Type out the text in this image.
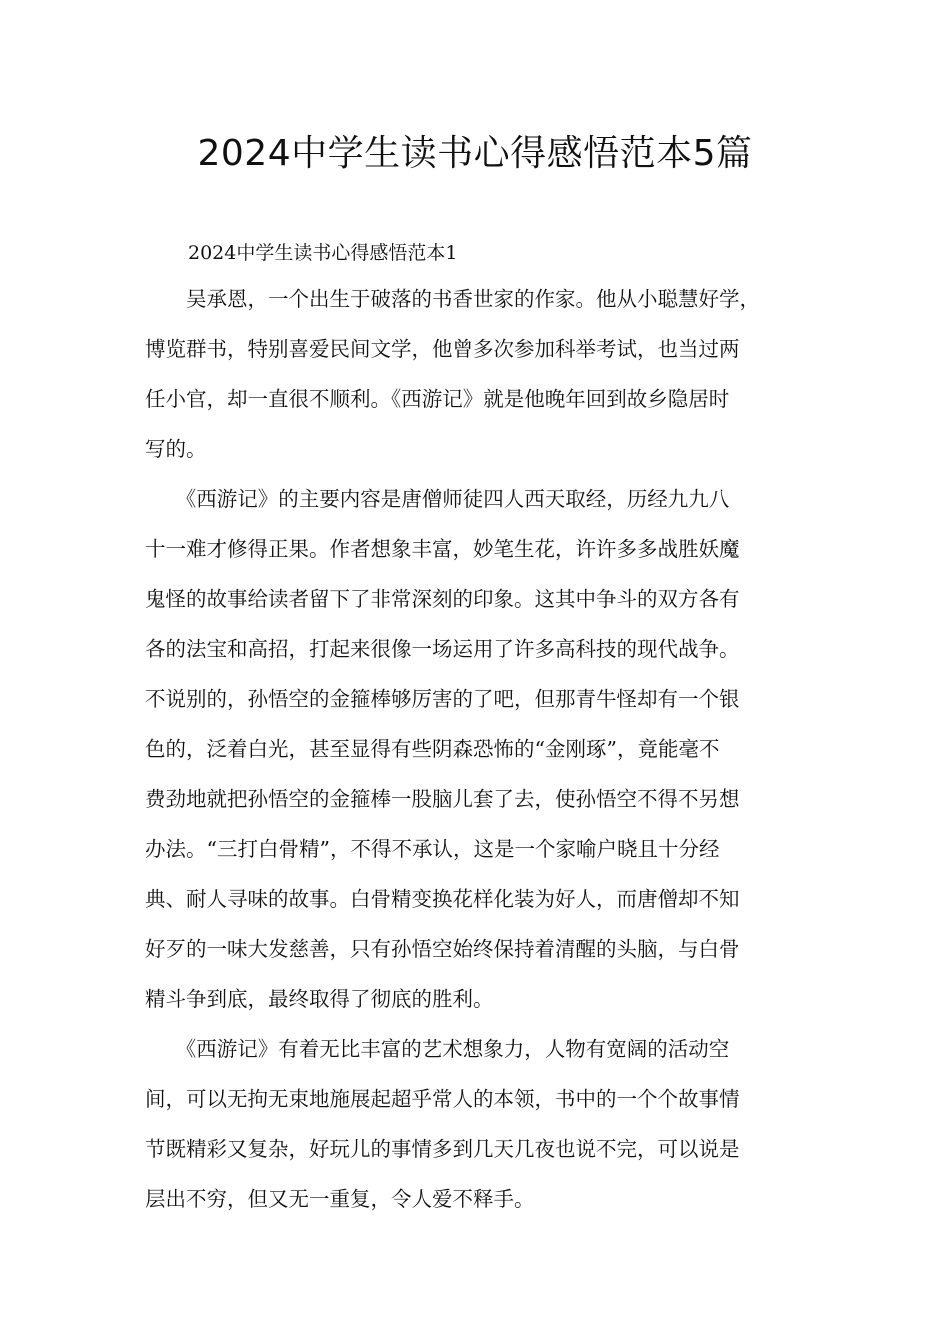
2024中学生读书心得感悟范本5篇
2024中学生读书心得感悟范本1
　　吴承恩，一个出生于破落的书香世家的作家。他从小聪慧好学，
博览群书，特别喜爱民间文学，他曾多次参加科举考试，也当过两
任小官，却一直很不顺利。《西游记》就是他晚年回到故乡隐居时
写的。
　　《西游记》的主要内容是唐僧师徒四人西天取经，历经九九八
十一难才修得正果。作者想象丰富，妙笔生花，许许多多战胜妖魔
鬼怪的故事给读者留下了非常深刻的印象。这其中争斗的双方各有
各的法宝和高招，打起来很像一场运用了许多高科技的现代战争。
不说别的，孙悟空的金箍棒够厉害的了吧，但那青牛怪却有一个银
色的，泛着白光，甚至显得有些阴森恐怖的“金刚琢”，竟能毫不
费劲地就把孙悟空的金箍棒一股脑儿套了去，使孙悟空不得不另想
办法。“三打白骨精”，不得不承认，这是一个家喻户晓且十分经
典、耐人寻味的故事。白骨精变换花样化装为好人，而唐僧却不知
好歹的一味大发慈善，只有孙悟空始终保持着清醒的头脑，与白骨
精斗争到底，最终取得了彻底的胜利。
　　《西游记》有着无比丰富的艺术想象力，人物有宽阔的活动空
间，可以无拘无束地施展起超乎常人的本领，书中的一个个故事情
节既精彩又复杂，好玩儿的事情多到几天几夜也说不完，可以说是
层出不穷，但又无一重复，令人爱不释手。
